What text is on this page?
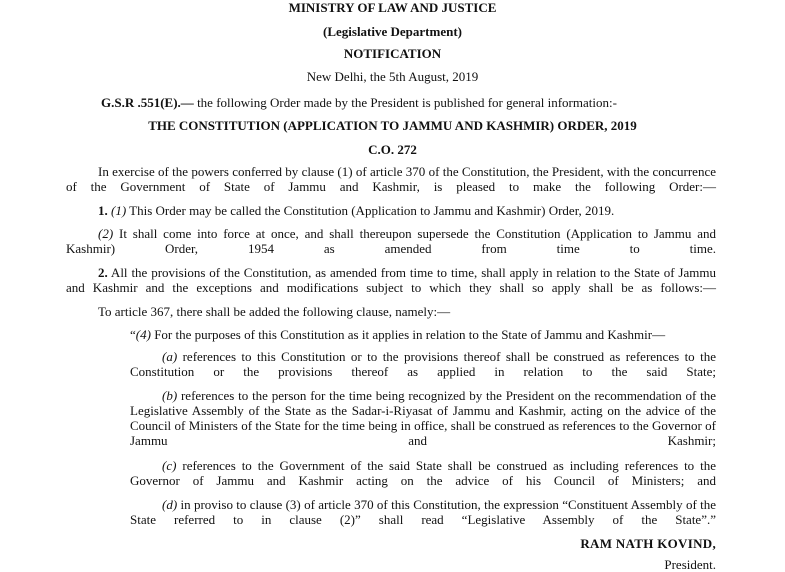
MINISTRY OF LAW AND JUSTICE
(Legislative Department)
NOTIFICATION
New Delhi, the 5th August, 2019
G.S.R .551(E).— the following Order made by the President is published for general information:-
THE CONSTITUTION (APPLICATION TO JAMMU AND KASHMIR) ORDER, 2019
C.O. 272
In exercise of the powers conferred by clause (1) of article 370 of the Constitution, the President, with the concurrence of the Government of State of Jammu and Kashmir, is pleased to make the following Order:—
1. (1) This Order may be called the Constitution (Application to Jammu and Kashmir) Order, 2019.
(2) It shall come into force at once, and shall thereupon supersede the Constitution (Application to Jammu and Kashmir) Order, 1954 as amended from time to time.
2. All the provisions of the Constitution, as amended from time to time, shall apply in relation to the State of Jammu and Kashmir and the exceptions and modifications subject to which they shall so apply shall be as follows:—
To article 367, there shall be added the following clause, namely:—
“(4) For the purposes of this Constitution as it applies in relation to the State of Jammu and Kashmir—
(a) references to this Constitution or to the provisions thereof shall be construed as references to the Constitution or the provisions thereof as applied in relation to the said State;
(b) references to the person for the time being recognized by the President on the recommendation of the Legislative Assembly of the State as the Sadar-i-Riyasat of Jammu and Kashmir, acting on the advice of the Council of Ministers of the State for the time being in office, shall be construed as references to the Governor of Jammu and Kashmir;
(c) references to the Government of the said State shall be construed as including references to the Governor of Jammu and Kashmir acting on the advice of his Council of Ministers; and
(d) in proviso to clause (3) of article 370 of this Constitution, the expression “Constituent Assembly of the State referred to in clause (2)” shall read “Legislative Assembly of the State”.”
RAM NATH KOVIND,
President.
